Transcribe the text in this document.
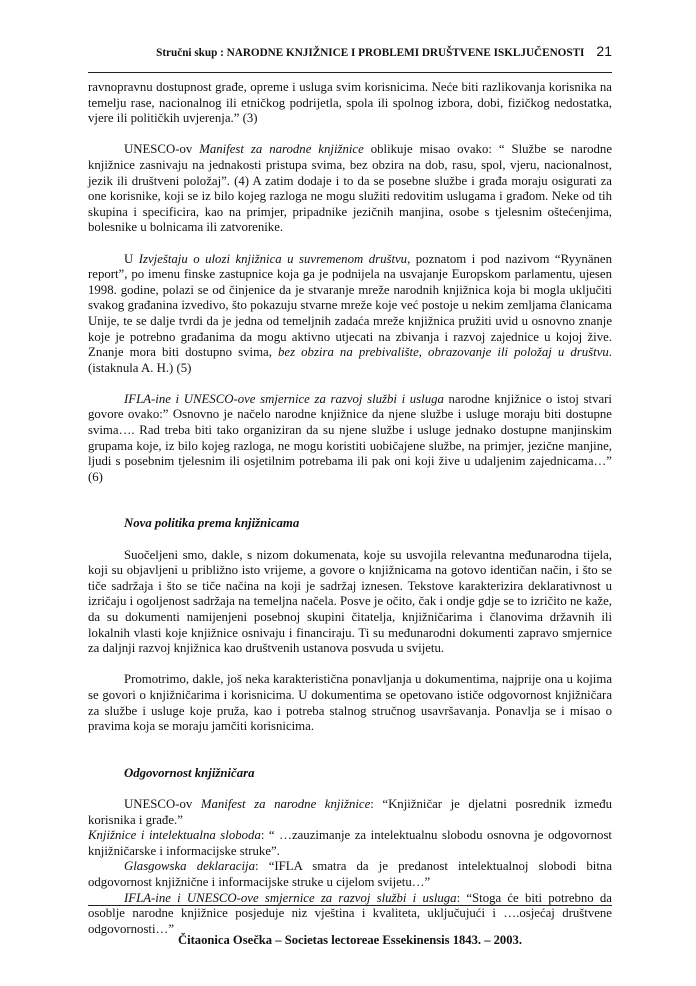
Stručni skup : NARODNE KNJIŽNICE I PROBLEMI DRUŠTVENE ISKLJUČENOSTI 21

ravnopravnu dostupnost građe, opreme i usluga svim korisnicima. Neće biti razlikovanja korisnika na temelju rase, nacionalnog ili etničkog podrijetla, spola ili spolnog izbora, dobi, fizičkog nedostatka, vjere ili političkih uvjerenja.” (3)

UNESCO-ov Manifest za narodne knjižnice oblikuje misao ovako: “ Službe se narodne knjižnice zasnivaju na jednakosti pristupa svima, bez obzira na dob, rasu, spol, vjeru, nacionalnost, jezik ili društveni položaj”. (4) A zatim dodaje i to da se posebne službe i građa moraju osigurati za one korisnike, koji se iz bilo kojeg razloga ne mogu služiti redovitim uslugama i građom. Neke od tih skupina i specificira, kao na primjer, pripadnike jezičnih manjina, osobe s tjelesnim oštećenjima, bolesnike u bolnicama ili zatvorenike.

U Izvještaju o ulozi knjižnica u suvremenom društvu, poznatom i pod nazivom “Ryynänen report”, po imenu finske zastupnice koja ga je podnijela na usvajanje Europskom parlamentu, ujesen 1998. godine, polazi se od činjenice da je stvaranje mreže narodnih knjižnica koja bi mogla uključiti svakog građanina izvedivo, što pokazuju stvarne mreže koje već postoje u nekim zemljama članicama Unije, te se dalje tvrdi da je jedna od temeljnih zadaća mreže knjižnica pružiti uvid u osnovno znanje koje je potrebno građanima da mogu aktivno utjecati na zbivanja i razvoj zajednice u kojoj žive. Znanje mora biti dostupno svima, bez obzira na prebivalište, obrazovanje ili položaj u društvu. (istaknula A. H.) (5)

IFLA-ine i UNESCO-ove smjernice za razvoj službi i usluga narodne knjižnice o istoj stvari govore ovako:” Osnovno je načelo narodne knjižnice da njene službe i usluge moraju biti dostupne svima…. Rad treba biti tako organiziran da su njene službe i usluge jednako dostupne manjinskim grupama koje, iz bilo kojeg razloga, ne mogu koristiti uobičajene službe, na primjer, jezične manjine, ljudi s posebnim tjelesnim ili osjetilnim potrebama ili pak oni koji žive u udaljenim zajednicama…” (6)

Nova politika prema knjižnicama

Suočeljeni smo, dakle, s nizom dokumenata, koje su usvojila relevantna međunarodna tijela, koji su objavljeni u približno isto vrijeme, a govore o knjižnicama na gotovo identičan način, i što se tiče sadržaja i što se tiče načina na koji je sadržaj iznesen. Tekstove karakterizira deklarativnost u izričaju i ogoljenost sadržaja na temeljna načela. Posve je očito, čak i ondje gdje se to izričito ne kaže, da su dokumenti namijenjeni posebnoj skupini čitatelja, knjižničarima i članovima državnih ili lokalnih vlasti koje knjižnice osnivaju i financiraju. Ti su međunarodni dokumenti zapravo smjernice za daljnji razvoj knjižnica kao društvenih ustanova posvuda u svijetu.

Promotrimo, dakle, još neka karakteristična ponavljanja u dokumentima, najprije ona u kojima se govori o knjižničarima i korisnicima. U dokumentima se opetovano ističe odgovornost knjižničara za službe i usluge koje pruža, kao i potreba stalnog stručnog usavršavanja. Ponavlja se i misao o pravima koja se moraju jamčiti korisnicima.

Odgovornost knjižničara

UNESCO-ov Manifest za narodne knjižnice: “Knjižničar je djelatni posrednik između korisnika i građe.”

Knjižnice i intelektualna sloboda: “ …zauzimanje za intelektualnu slobodu osnovna je odgovornost knjižničarske i informacijske struke”.

Glasgowska deklaracija: “IFLA smatra da je predanost intelektualnoj slobodi bitna odgovornost knjižnične i informacijske struke u cijelom svijetu…”

IFLA-ine i UNESCO-ove smjernice za razvoj službi i usluga: “Stoga će biti potrebno da osoblje narodne knjižnice posjeduje niz vještina i kvaliteta, uključujući i ….osjećaj društvene odgovornosti…”

Čitaonica Osečka – Societas lectoreae Essekinensis 1843. – 2003.
